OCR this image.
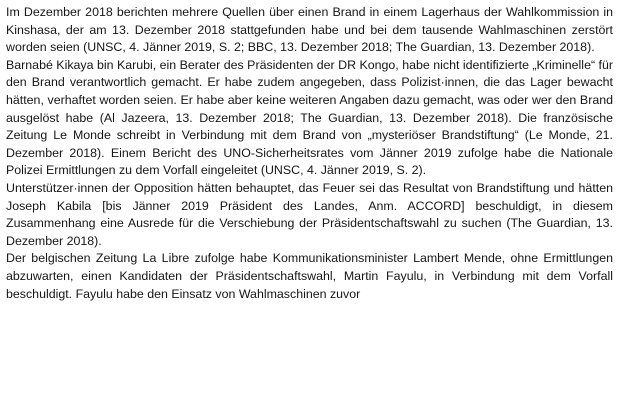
Im Dezember 2018 berichten mehrere Quellen über einen Brand in einem Lagerhaus der Wahlkommission in Kinshasa, der am 13. Dezember 2018 stattgefunden habe und bei dem tausende Wahlmaschinen zerstört worden seien (UNSC, 4. Jänner 2019, S. 2; BBC, 13. Dezember 2018; The Guardian, 13. Dezember 2018).

Barnabé Kikaya bin Karubi, ein Berater des Präsidenten der DR Kongo, habe nicht identifizierte „Kriminelle“ für den Brand verantwortlich gemacht. Er habe zudem angegeben, dass Polizist·innen, die das Lager bewacht hätten, verhaftet worden seien. Er habe aber keine weiteren Angaben dazu gemacht, was oder wer den Brand ausgelöst habe (Al Jazeera, 13. Dezember 2018; The Guardian, 13. Dezember 2018). Die französische Zeitung Le Monde schreibt in Verbindung mit dem Brand von „mysteriöser Brandstiftung“ (Le Monde, 21. Dezember 2018). Einem Bericht des UNO-Sicherheitsrates vom Jänner 2019 zufolge habe die Nationale Polizei Ermittlungen zu dem Vorfall eingeleitet (UNSC, 4. Jänner 2019, S. 2).

Unterstützer·innen der Opposition hätten behauptet, das Feuer sei das Resultat von Brandstiftung und hätten Joseph Kabila [bis Jänner 2019 Präsident des Landes, Anm. ACCORD] beschuldigt, in diesem Zusammenhang eine Ausrede für die Verschiebung der Präsidentschaftswahl zu suchen (The Guardian, 13. Dezember 2018).

Der belgischen Zeitung La Libre zufolge habe Kommunikationsminister Lambert Mende, ohne Ermittlungen abzuwarten, einen Kandidaten der Präsidentschaftswahl, Martin Fayulu, in Verbindung mit dem Vorfall beschuldigt. Fayulu habe den Einsatz von Wahlmaschinen zuvor
